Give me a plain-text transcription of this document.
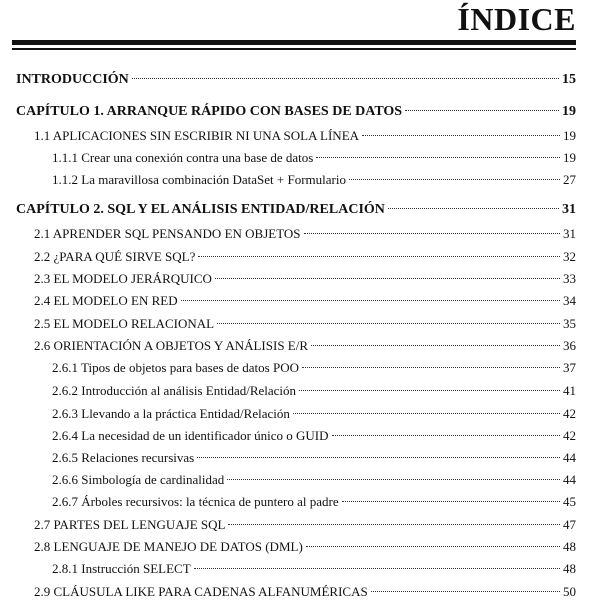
ÍNDICE
INTRODUCCIÓN	15
CAPÍTULO 1. ARRANQUE RÁPIDO CON BASES DE DATOS	19
1.1 APLICACIONES SIN ESCRIBIR NI UNA SOLA LÍNEA	19
1.1.1 Crear una conexión contra una base de datos	19
1.1.2 La maravillosa combinación DataSet + Formulario	27
CAPÍTULO 2. SQL Y EL ANÁLISIS ENTIDAD/RELACIÓN	31
2.1 APRENDER SQL PENSANDO EN OBJETOS	31
2.2 ¿PARA QUÉ SIRVE SQL?	32
2.3 EL MODELO JERÁRQUICO	33
2.4 EL MODELO EN RED	34
2.5 EL MODELO RELACIONAL	35
2.6 ORIENTACIÓN A OBJETOS Y ANÁLISIS E/R	36
2.6.1 Tipos de objetos para bases de datos POO	37
2.6.2 Introducción al análisis Entidad/Relación	41
2.6.3 Llevando a la práctica Entidad/Relación	42
2.6.4 La necesidad de un identificador único o GUID	42
2.6.5 Relaciones recursivas	44
2.6.6 Simbología de cardinalidad	44
2.6.7 Árboles recursivos: la técnica de puntero al padre	45
2.7 PARTES DEL LENGUAJE SQL	47
2.8 LENGUAJE DE MANEJO DE DATOS (DML)	48
2.8.1 Instrucción SELECT	48
2.9 CLÁUSULA LIKE PARA CADENAS ALFANUMÉRICAS	50
